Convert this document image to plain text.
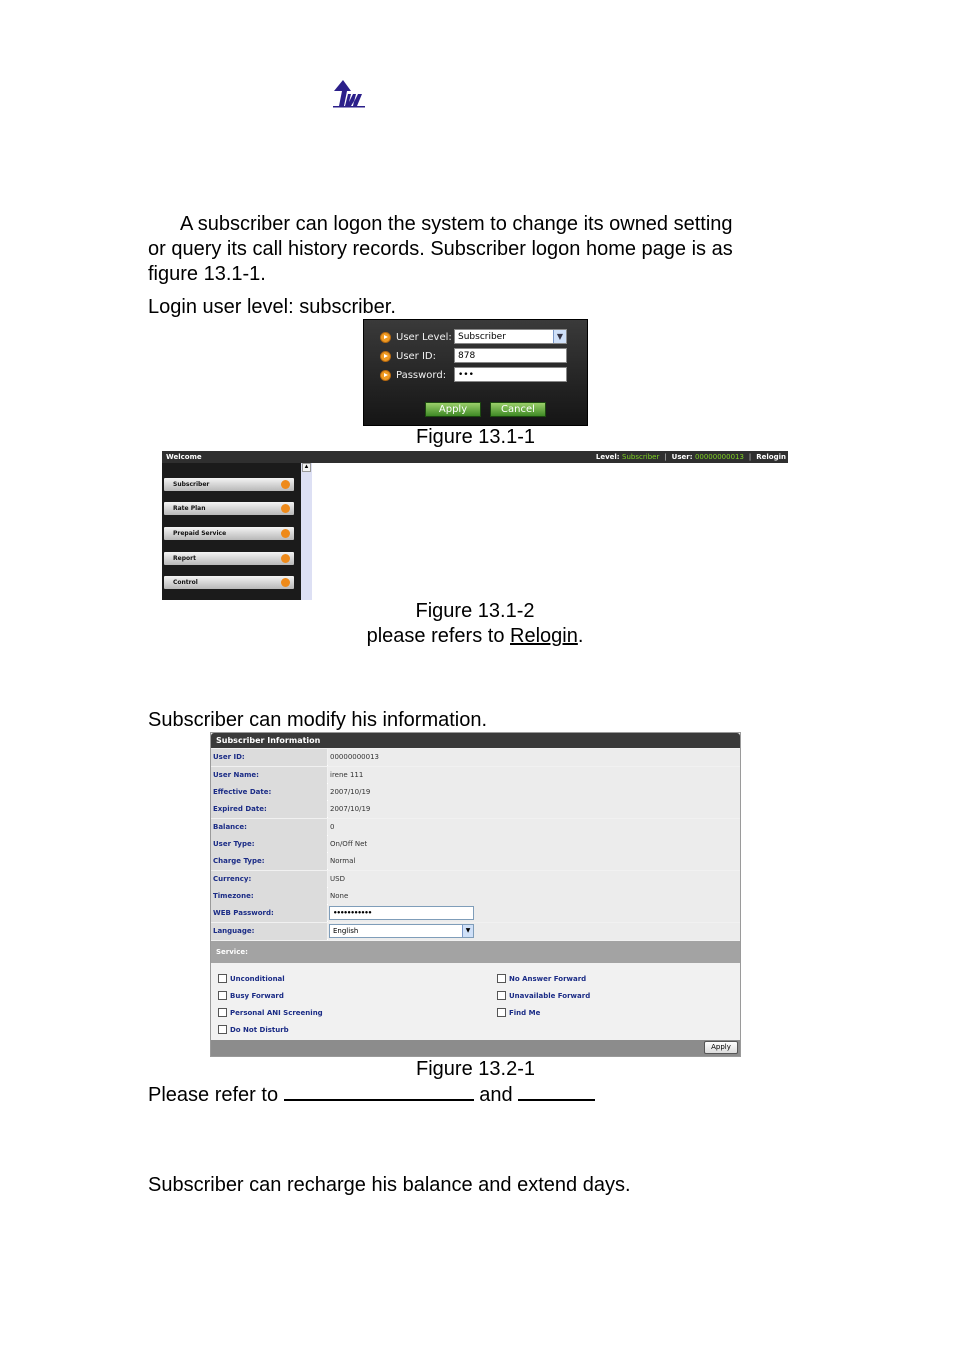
A subscriber can logon the system to change its owned setting
or query its call history records. Subscriber logon home page is as
figure 13.1-1.
Login user level: subscriber.
User Level: Subscriber	▼
User ID:	878
Password:	•••
Apply	Cancel
Figure 13.1-1
Welcome	Level: Subscriber  |  User: 00000000013  |  Relogin
Subscriber
Rate Plan
Prepaid Service
Report
Control
▲
Figure 13.1-2
please refers to Relogin.
Subscriber can modify his information.
Subscriber Information
User ID:	00000000013
User Name:	irene 111
Effective Date:	2007/10/19
Expired Date:	2007/10/19
Balance:	0
User Type:	On/Off Net
Charge Type:	Normal
Currency:	USD
Timezone:	None
WEB Password:	•••••••••••
Language:	English	▼
Service:
Unconditional
Busy Forward
Personal ANI Screening
Do Not Disturb
No Answer Forward
Unavailable Forward
Find Me
Apply
Figure 13.2-1
Please refer to	and
Subscriber can recharge his balance and extend days.
